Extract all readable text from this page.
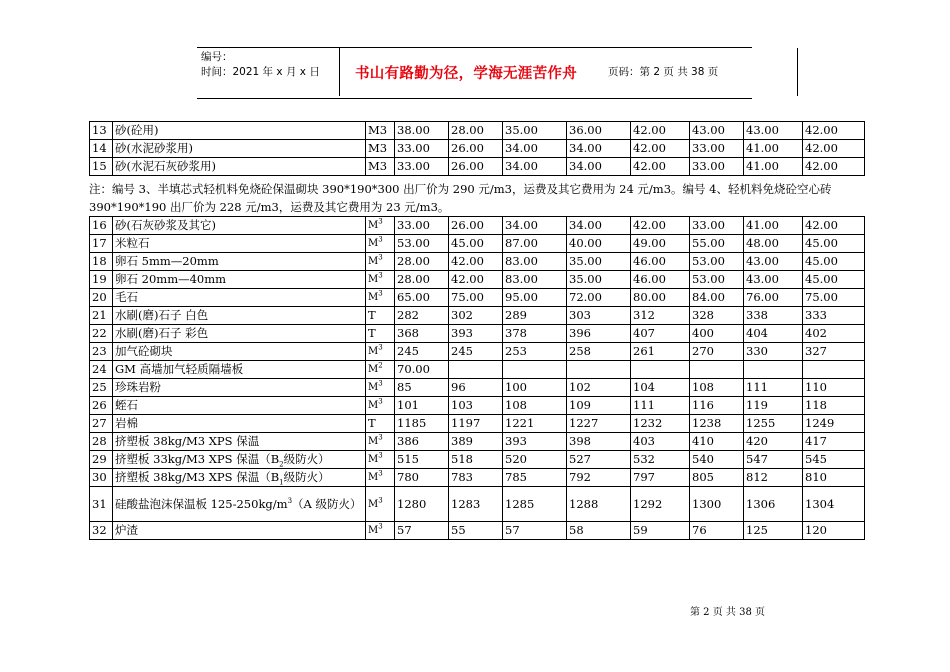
编号：
时间：2021 年 x 月 x 日 书山有路勤为径，学海无涯苦作舟	页码：第 2 页 共 38 页
13	砂(砼用)	M3	38.00	28.00	35.00	36.00	42.00	43.00	43.00	42.00
14	砂(水泥砂浆用)	M3	33.00	26.00	34.00	34.00	42.00	33.00	41.00	42.00
15	砂(水泥石灰砂浆用)	M3	33.00	26.00	34.00	34.00	42.00	33.00	41.00	42.00
注：编号 3、半填芯式轻机料免烧砼保温砌块 390*190*300 出厂价为 290 元/m3，运费及其它费用为 24 元/m3。编号 4、轻机料免烧砼空心砖 390*190*190 出厂价为 228 元/m3，运费及其它费用为 23 元/m3。
16	砂(石灰砂浆及其它)	$M^3$	33.00	26.00	34.00	34.00	42.00	33.00	41.00	42.00
17	米粒石	$M^3$	53.00	45.00	87.00	40.00	49.00	55.00	48.00	45.00
18	卵石 5mm—20mm	$M^3$	28.00	42.00	83.00	35.00	46.00	53.00	43.00	45.00
19	卵石 20mm—40mm	$M^3$	28.00	42.00	83.00	35.00	46.00	53.00	43.00	45.00
20	毛石	$M^3$	65.00	75.00	95.00	72.00	80.00	84.00	76.00	75.00
21	水刷(磨)石子 白色	T	282	302	289	303	312	328	338	333
22	水刷(磨)石子 彩色	T	368	393	378	396	407	400	404	402
23	加气砼砌块	$M^3$	245	245	253	258	261	270	330	327
24	GM 高墙加气轻质隔墙板	$M^2$	70.00							
25	珍珠岩粉	$M^3$	85	96	100	102	104	108	111	110
26	蛭石	$M^3$	101	103	108	109	111	116	119	118
27	岩棉	T	1185	1197	1221	1227	1232	1238	1255	1249
28	挤塑板 38kg/M3 XPS 保温	$M^3$	386	389	393	398	403	410	420	417
29	挤塑板 33kg/M3 XPS 保温（$B_2$级防火）	$M^3$	515	518	520	527	532	540	547	545
30	挤塑板 38kg/M3 XPS 保温（$B_1$级防火）	$M^3$	780	783	785	792	797	805	812	810
31	硅酸盐泡沫保温板 $125-250kg/m^3(A$ 级防火）	$M^3$	1280	1283	1285	1288	1292	1300	1306	1304
32	炉渣	$M^3$	57	55	57	58	59	76	125	120
第 2 页 共 38 页
